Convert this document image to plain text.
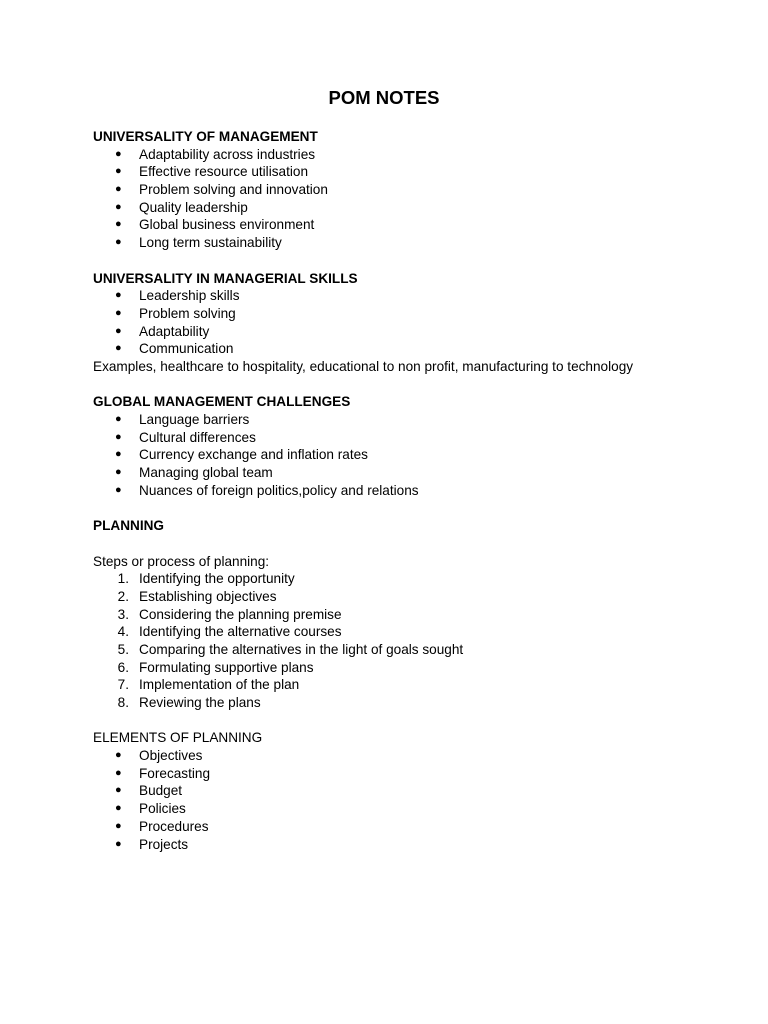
POM NOTES

UNIVERSALITY OF MANAGEMENT

●	Adaptability across industries
●	Effective resource utilisation
●	Problem solving and innovation
●	Quality leadership
●	Global business environment
●	Long term sustainability

UNIVERSALITY IN MANAGERIAL SKILLS

●	Leadership skills
●	Problem solving
●	Adaptability
●	Communication

Examples, healthcare to hospitality, educational to non profit, manufacturing to technology

GLOBAL MANAGEMENT CHALLENGES

●	Language barriers
●	Cultural differences
●	Currency exchange and inflation rates
●	Managing global team
●	Nuances of foreign politics,policy and relations

PLANNING

Steps or process of planning:

1. Identifying the opportunity
2. Establishing objectives
3. Considering the planning premise
4. Identifying the alternative courses
5. Comparing the alternatives in the light of goals sought
6. Formulating supportive plans
7. Implementation of the plan
8. Reviewing the plans

ELEMENTS OF PLANNING

●	Objectives
●	Forecasting
●	Budget
●	Policies
●	Procedures
●	Projects
